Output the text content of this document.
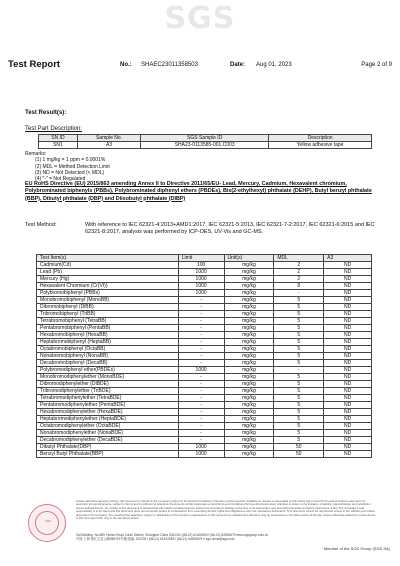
SGS
Test Report	No.: SHAEC23011358503	Date: Aug 01, 2023	Page 2 of 9
Test Result(s):
Test Part Description:
SN ID	Sample No.	SGS Sample ID	Description
SN1	A3	SHA23-0113585-001.C003	Yellow adhesive tape
Remarks:
(1) 1 mg/kg = 1 ppm = 0.0001%
(2) MDL = Method Detection Limit
(3) ND = Not Detected (< MDL)
(4) "-" = Not Regulated
EU RoHS Directive (EU) 2015/863 amending Annex II to Directive 2011/65/EU- Lead, Mercury, Cadmium, Hexavalent chromium, Polybrominated biphenyls (PBBs), Polybrominated diphenyl ethers (PBDEs), Bis(2-ethylhexyl) phthalate (DEHP), Butyl benzyl phthalate (BBP), Dibutyl phthalate (DBP) and Diisobutyl phthalate (DIBP)
Test Method:	With reference to IEC 62321-4:2013+AMD1:2017, IEC 62321-5:2013, IEC 62321-7-2:2017, IEC 62321-6:2015 and IEC 62321-8:2017, analysis was performed by ICP-OES, UV-Vis and GC-MS.
Test Item(s)	Limit	Unit(s)	MDL	A3
Cadmium(Cd)	100	mg/kg	2	ND
Lead (Pb)	1000	mg/kg	2	ND
Mercury (Hg)	1000	mg/kg	2	ND
Hexavalent Chromium (Cr(VI))	1000	mg/kg	8	ND
Polybromobiphenyl (PBBs)	1000	mg/kg	-	ND
Monobromobiphenyl (MonoBB)	-	mg/kg	5	ND
Dibromobiphenyl (DiBB)	-	mg/kg	5	ND
Tribromobiphenyl (TriBB)	-	mg/kg	5	ND
Tetrabromobiphenyl (TetraBB)	-	mg/kg	5	ND
Pentabromobiphenyl (PentaBB)	-	mg/kg	5	ND
Hexabromobiphenyl (HexaBB)	-	mg/kg	5	ND
Heptabromobiphenyl (HeptaBB)	-	mg/kg	5	ND
Octabromobiphenyl (OctaBB)	-	mg/kg	5	ND
Nonabromobiphenyl (NonaBB)	-	mg/kg	5	ND
Decabromobiphenyl (DecaBB)	-	mg/kg	5	ND
Polybromodiphenyl ether(PBDEs)	1000	mg/kg	-	ND
Monobromodiphenylether (MonoBDE)	-	mg/kg	5	ND
Dibromodiphenylether (DiBDE)	-	mg/kg	5	ND
Tribromodiphenylether (TriBDE)	-	mg/kg	5	ND
Tetrabromodiphenylether (TetraBDE)	-	mg/kg	5	ND
Pentabromodiphenylether (PentaBDE)	-	mg/kg	5	ND
Hexabromodiphenylether (HexaBDE)	-	mg/kg	5	ND
Heptabromodiphenylether (HeptaBDE)	-	mg/kg	5	ND
Octabromodiphenylether (OctaBDE)	-	mg/kg	5	ND
Nonabromodiphenylether (NonaBDE)	-	mg/kg	5	ND
Decabromodiphenylether (DecaBDE)	-	mg/kg	5	ND
Dibutyl Phthalate(DBP)	1000	mg/kg	50	ND
Benzyl Butyl Phthalate(BBP)	1000	mg/kg	50	ND
SGS
Unless otherwise agreed in writing, this document is issued by the Company subject to its General Conditions of Service printed overleaf, available on request or accessible at http://www.sgs.com/en/Terms-and-Conditions.aspx and, for electronic format documents, subject to Terms and Conditions for Electronic Documents at http://www.sgs.com/en/Terms-and-Conditions/Terms-e-Document.aspx. Attention is drawn to the limitation of liability, indemnification and jurisdiction issues defined therein. Any holder of this document is advised that information contained hereon reflects the Company's findings at the time of its intervention only and within the limits of Client's instructions, if any. The Company's sole responsibility is to its Client and this document does not exonerate parties to a transaction from exercising all their rights and obligations under the transaction documents. This document cannot be reproduced except in full, without prior written approval of the Company. Any unauthorized alteration, forgery or falsification of the content or appearance of this document is unlawful and offenders may be prosecuted to the fullest extent of the law. Unless otherwise stated the results shown in this test report refer only to the sample(s) tested.
3rd Building, No.889 Yishan Road Xuhui District, Shanghai China 200233 t (86-21) 61402553 f (86-21) 64953679 www.sgsgroup.com.cn
中国·上海·徐汇区宜山路889号3号楼 邮编: 200233 t (86-21) 61402553 f (86-21) 64953679 e sgs.china@sgs.com
Member of the SGS Group (SGS SA)
